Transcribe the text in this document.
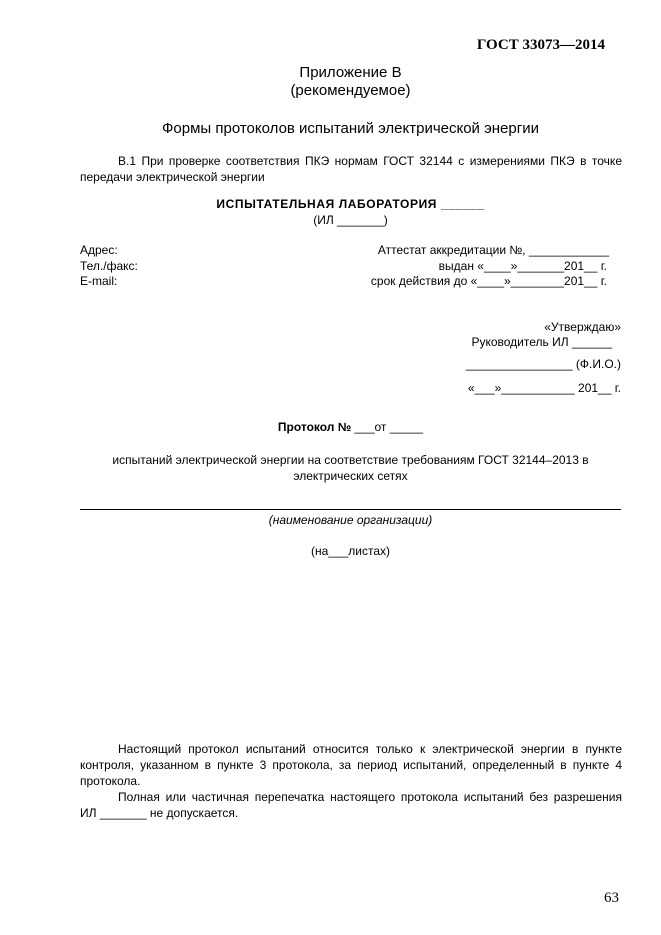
ГОСТ 33073—2014
Приложение В
(рекомендуемое)
Формы протоколов испытаний электрической энергии
В.1 При проверке соответствия ПКЭ нормам ГОСТ 32144 с измерениями ПКЭ в точке передачи электрической энергии
ИСПЫТАТЕЛЬНАЯ ЛАБОРАТОРИЯ ______
(ИЛ _______)
Адрес:
Тел./факс:
E-mail:
Аттестат аккредитации №, ____________
выдан «____»_______201__ г.
срок действия до «____»________201__ г.
«Утверждаю»
Руководитель ИЛ ______
________________ (Ф.И.О.)
«___»___________ 201__ г.
Протокол № ___от _____
испытаний электрической энергии на соответствие требованиям ГОСТ 32144–2013 в электрических сетях
(наименование организации)
(на___листах)
Настоящий протокол испытаний относится только к электрической энергии в пункте контроля, указанном в пункте 3 протокола, за период испытаний, определенный в пункте 4 протокола.
Полная или частичная перепечатка настоящего протокола испытаний без разрешения ИЛ _______ не допускается.
63
